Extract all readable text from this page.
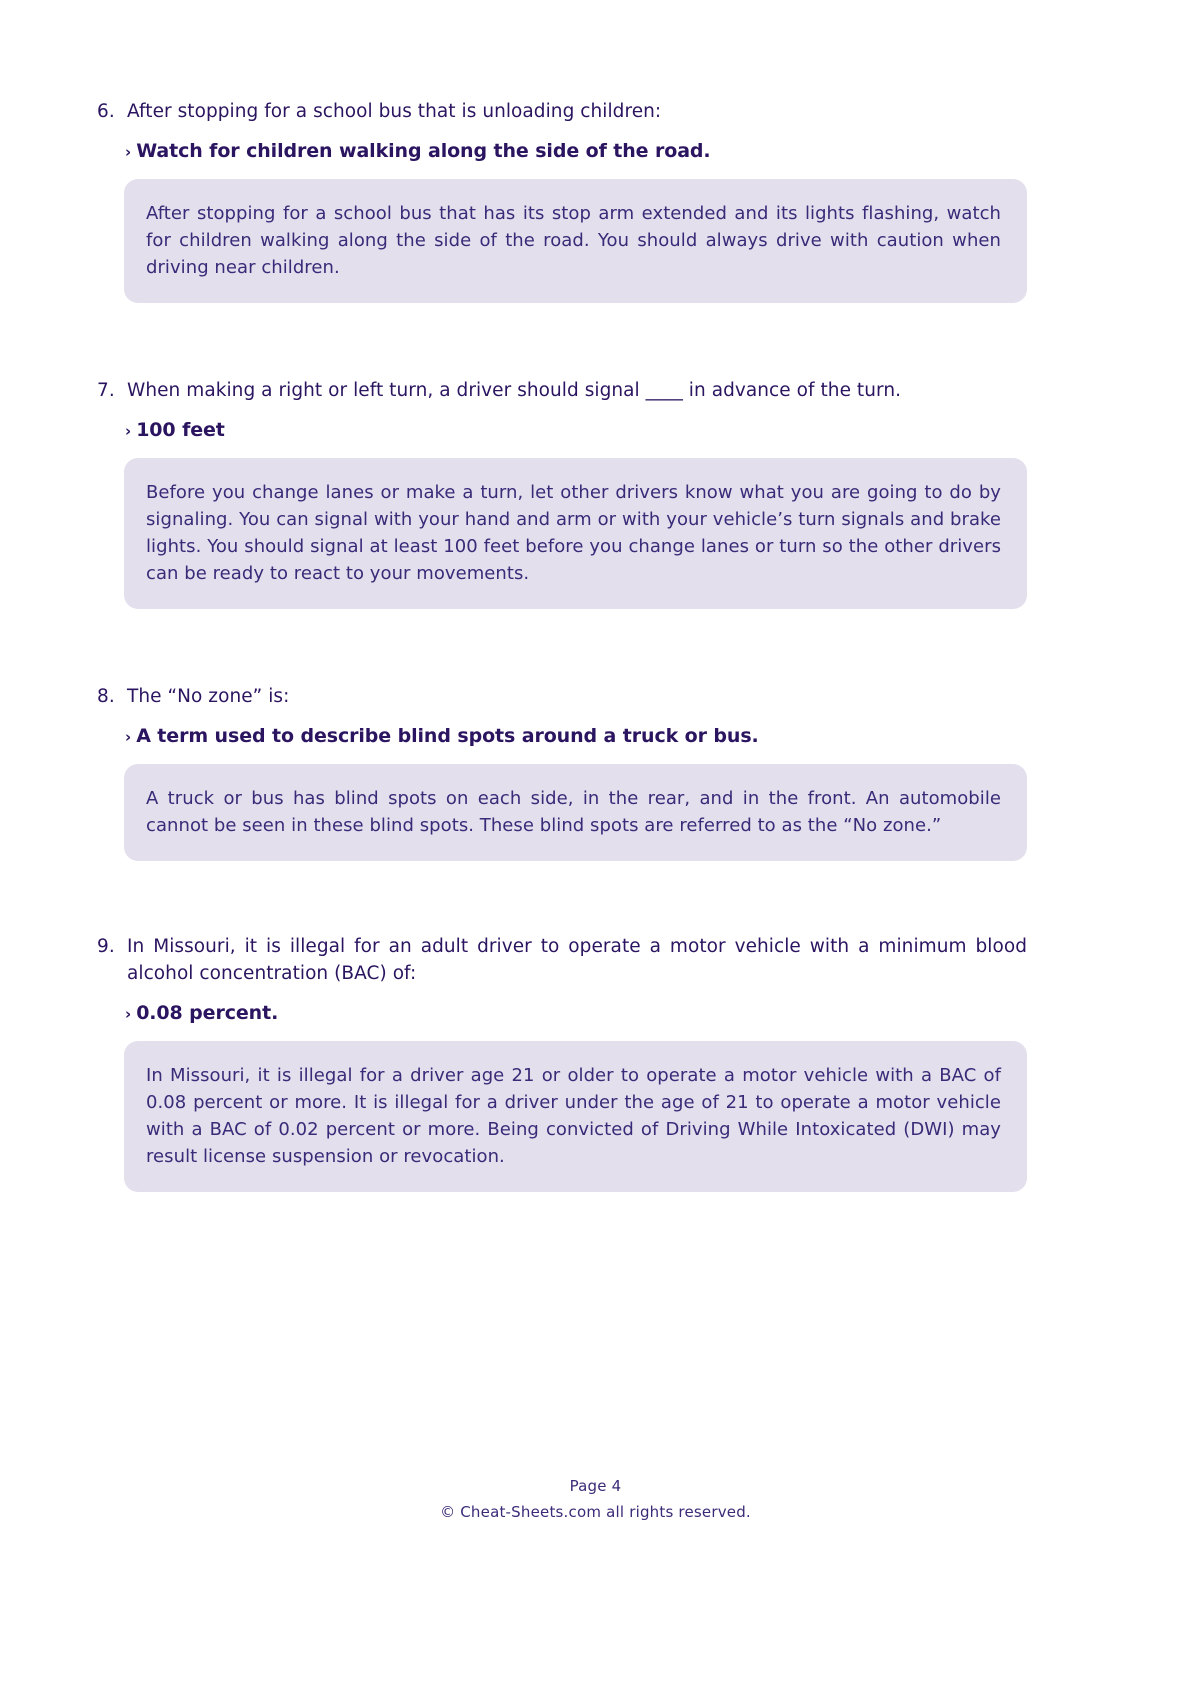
6. After stopping for a school bus that is unloading children:
› Watch for children walking along the side of the road.
After stopping for a school bus that has its stop arm extended and its lights flashing, watch for children walking along the side of the road. You should always drive with caution when driving near children.
7. When making a right or left turn, a driver should signal ____ in advance of the turn.
› 100 feet
Before you change lanes or make a turn, let other drivers know what you are going to do by signaling. You can signal with your hand and arm or with your vehicle’s turn signals and brake lights. You should signal at least 100 feet before you change lanes or turn so the other drivers can be ready to react to your movements.
8. The “No zone” is:
› A term used to describe blind spots around a truck or bus.
A truck or bus has blind spots on each side, in the rear, and in the front. An automobile cannot be seen in these blind spots. These blind spots are referred to as the “No zone.”
9. In Missouri, it is illegal for an adult driver to operate a motor vehicle with a minimum blood alcohol concentration (BAC) of:
› 0.08 percent.
In Missouri, it is illegal for a driver age 21 or older to operate a motor vehicle with a BAC of 0.08 percent or more. It is illegal for a driver under the age of 21 to operate a motor vehicle with a BAC of 0.02 percent or more. Being convicted of Driving While Intoxicated (DWI) may result license suspension or revocation.
Page 4
© Cheat-Sheets.com all rights reserved.
